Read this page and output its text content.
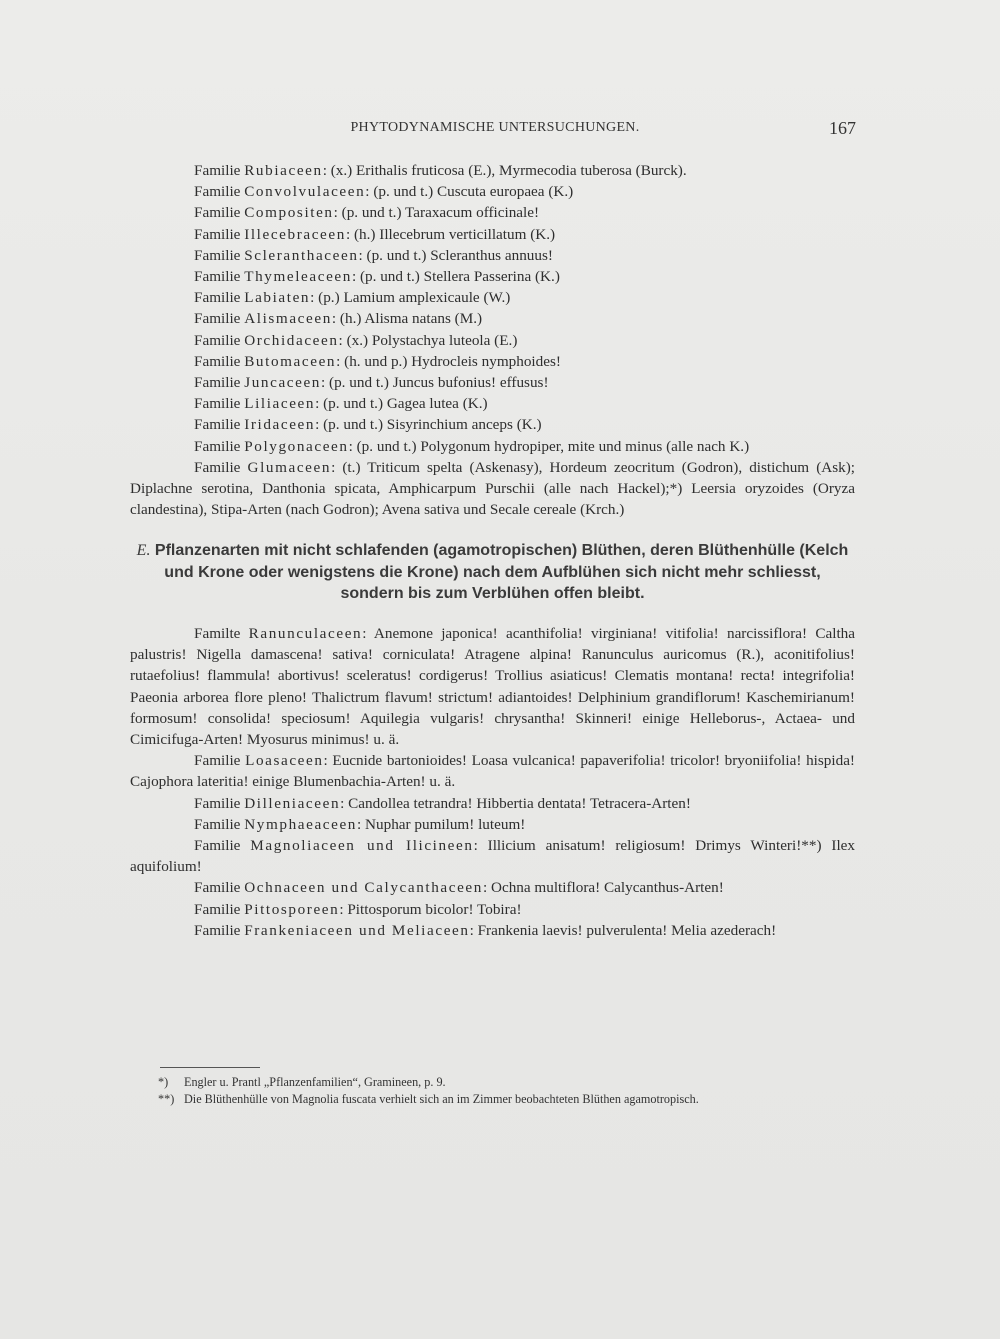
PHYTODYNAMISCHE UNTERSUCHUNGEN.	167

Familie Rubiaceen: (x.) Erithalis fruticosa (E.), Myrmecodia tuberosa (Burck).

Familie Convolvulaceen: (p. und t.) Cuscuta europaea (K.)

Familie Compositen: (p. und t.) Taraxacum officinale!

Familie Illecebraceen: (h.) Illecebrum verticillatum (K.)

Familie Scleranthaceen: (p. und t.) Scleranthus annuus!

Familie Thymeleaceen: (p. und t.) Stellera Passerina (K.)

Familie Labiaten: (p.) Lamium amplexicaule (W.)

Familie Alismaceen: (h.) Alisma natans (M.)

Familie Orchidaceen: (x.) Polystachya luteola (E.)

Familie Butomaceen: (h. und p.) Hydrocleis nymphoides!

Familie Juncaceen: (p. und t.) Juncus bufonius! effusus!

Familie Liliaceen: (p. und t.) Gagea lutea (K.)

Familie Iridaceen: (p. und t.) Sisyrinchium anceps (K.)

Familie Polygonaceen: (p. und t.) Polygonum hydropiper, mite und minus (alle nach K.)

Familie Glumaceen: (t.) Triticum spelta (Askenasy), Hordeum zeocritum (Godron), distichum (Ask); Diplachne serotina, Danthonia spicata, Amphicarpum Purschii (alle nach Hackel);*) Leersia oryzoides (Oryza clandestina), Stipa-Arten (nach Godron); Avena sativa und Secale cereale (Krch.)

E. Pflanzenarten mit nicht schlafenden (agamotropischen) Blüthen, deren Blüthenhülle (Kelch und Krone oder wenigstens die Krone) nach dem Aufblühen sich nicht mehr schliesst, sondern bis zum Verblühen offen bleibt.

Familte Ranunculaceen: Anemone japonica! acanthifolia! virginiana! vitifolia! narcissiflora! Caltha palustris! Nigella damascena! sativa! corniculata! Atragene alpina! Ranunculus auricomus (R.), aconitifolius! rutaefolius! flammula! abortivus! sceleratus! cordigerus! Trollius asiaticus! Clematis montana! recta! integrifolia! Paeonia arborea flore pleno! Thalictrum flavum! strictum! adiantoides! Delphinium grandiflorum! Kaschemirianum! formosum! consolida! speciosum! Aquilegia vulgaris! chrysantha! Skinneri! einige Helleborus-, Actaea- und Cimicifuga-Arten! Myosurus minimus! u. ä.

Familie Loasaceen: Eucnide bartonioides! Loasa vulcanica! papaverifolia! tricolor! bryoniifolia! hispida! Cajophora lateritia! einige Blumenbachia-Arten! u. ä.

Familie Dilleniaceen: Candollea tetrandra! Hibbertia dentata! Tetracera-Arten!

Familie Nymphaeaceen: Nuphar pumilum! luteum!

Familie Magnoliaceen und Ilicineen: Illicium anisatum! religiosum! Drimys Winteri!**) Ilex aquifolium!

Familie Ochnaceen und Calycanthaceen: Ochna multiflora! Calycanthus-Arten!

Familie Pittosporeen: Pittosporum bicolor! Tobira!

Familie Frankeniaceen und Meliaceen: Frankenia laevis! pulverulenta! Melia azederach!

*) Engler u. Prantl „Pflanzenfamilien“, Gramineen, p. 9.

**) Die Blüthenhülle von Magnolia fuscata verhielt sich an im Zimmer beobachteten Blüthen agamotropisch.
